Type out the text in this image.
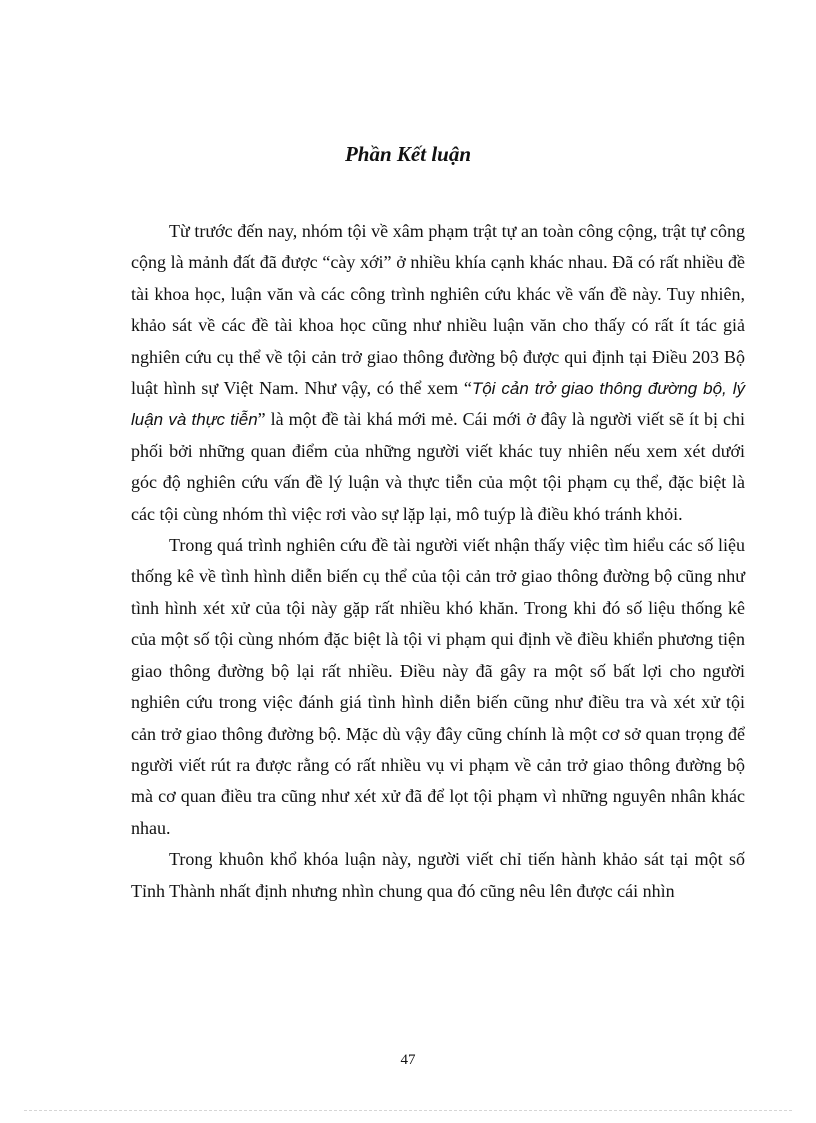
Phần Kết luận

Từ trước đến nay, nhóm tội về xâm phạm trật tự an toàn công cộng, trật tự công cộng là mảnh đất đã được “cày xới” ở nhiều khía cạnh khác nhau. Đã có rất nhiều đề tài khoa học, luận văn và các công trình nghiên cứu khác về vấn đề này. Tuy nhiên, khảo sát về các đề tài khoa học cũng như nhiều luận văn cho thấy có rất ít tác giả nghiên cứu cụ thể về tội cản trở giao thông đường bộ được qui định tại Điều 203 Bộ luật hình sự Việt Nam. Như vậy, có thể xem “Tội cản trở giao thông đường bộ, lý luận và thực tiễn” là một đề tài khá mới mẻ. Cái mới ở đây là người viết sẽ ít bị chi phối bởi những quan điểm của những người viết khác tuy nhiên nếu xem xét dưới góc độ nghiên cứu vấn đề lý luận và thực tiễn của một tội phạm cụ thể, đặc biệt là các tội cùng nhóm thì việc rơi vào sự lặp lại, mô tuýp là điều khó tránh khỏi.

Trong quá trình nghiên cứu đề tài người viết nhận thấy việc tìm hiểu các số liệu thống kê về tình hình diễn biến cụ thể của tội cản trở giao thông đường bộ cũng như tình hình xét xử của tội này gặp rất nhiều khó khăn. Trong khi đó số liệu thống kê của một số tội cùng nhóm đặc biệt là tội vi phạm qui định về điều khiển phương tiện giao thông đường bộ lại rất nhiều. Điều này đã gây ra một số bất lợi cho người nghiên cứu trong việc đánh giá tình hình diễn biến cũng như điều tra và xét xử tội cản trở giao thông đường bộ. Mặc dù vậy đây cũng chính là một cơ sở quan trọng để người viết rút ra được rằng có rất nhiều vụ vi phạm về cản trở giao thông đường bộ mà cơ quan điều tra cũng như xét xử đã để lọt tội phạm vì những nguyên nhân khác nhau.

Trong khuôn khổ khóa luận này, người viết chỉ tiến hành khảo sát tại một số Tỉnh Thành nhất định nhưng nhìn chung qua đó cũng nêu lên được cái nhìn

47
